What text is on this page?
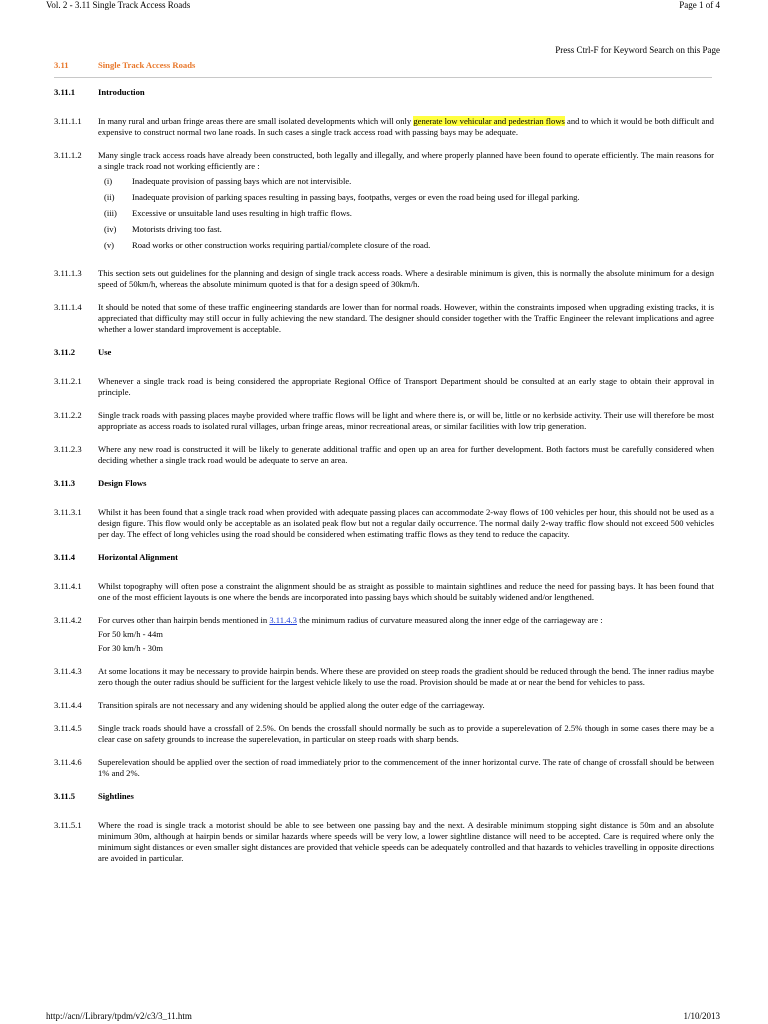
Vol. 2 - 3.11 Single Track Access Roads	Page 1 of 4
Press Ctrl-F for Keyword Search on this Page
3.11	Single Track Access Roads
3.11.1	Introduction
3.11.1.1	In many rural and urban fringe areas there are small isolated developments which will only generate low vehicular and pedestrian flows and to which it would be both difficult and expensive to construct normal two lane roads. In such cases a single track access road with passing bays may be adequate.
3.11.1.2	Many single track access roads have already been constructed, both legally and illegally, and where properly planned have been found to operate efficiently. The main reasons for a single track road not working efficiently are :
(i)	Inadequate provision of passing bays which are not intervisible.
(ii)	Inadequate provision of parking spaces resulting in passing bays, footpaths, verges or even the road being used for illegal parking.
(iii)	Excessive or unsuitable land uses resulting in high traffic flows.
(iv)	Motorists driving too fast.
(v)	Road works or other construction works requiring partial/complete closure of the road.
3.11.1.3	This section sets out guidelines for the planning and design of single track access roads. Where a desirable minimum is given, this is normally the absolute minimum for a design speed of 50km/h, whereas the absolute minimum quoted is that for a design speed of 30km/h.
3.11.1.4	It should be noted that some of these traffic engineering standards are lower than for normal roads. However, within the constraints imposed when upgrading existing tracks, it is appreciated that difficulty may still occur in fully achieving the new standard. The designer should consider together with the Traffic Engineer the relevant implications and agree whether a lower standard improvement is acceptable.
3.11.2	Use
3.11.2.1	Whenever a single track road is being considered the appropriate Regional Office of Transport Department should be consulted at an early stage to obtain their approval in principle.
3.11.2.2	Single track roads with passing places maybe provided where traffic flows will be light and where there is, or will be, little or no kerbside activity. Their use will therefore be most appropriate as access roads to isolated rural villages, urban fringe areas, minor recreational areas, or similar facilities with low trip generation.
3.11.2.3	Where any new road is constructed it will be likely to generate additional traffic and open up an area for further development. Both factors must be carefully considered when deciding whether a single track road would be adequate to serve an area.
3.11.3	Design Flows
3.11.3.1	Whilst it has been found that a single track road when provided with adequate passing places can accommodate 2-way flows of 100 vehicles per hour, this should not be used as a design figure. This flow would only be acceptable as an isolated peak flow but not a regular daily occurrence. The normal daily 2-way traffic flow should not exceed 500 vehicles per day. The effect of long vehicles using the road should be considered when estimating traffic flows as they tend to reduce the capacity.
3.11.4	Horizontal Alignment
3.11.4.1	Whilst topography will often pose a constraint the alignment should be as straight as possible to maintain sightlines and reduce the need for passing bays. It has been found that one of the most efficient layouts is one where the bends are incorporated into passing bays which should be suitably widened and/or lengthened.
3.11.4.2	For curves other than hairpin bends mentioned in 3.11.4.3 the minimum radius of curvature measured along the inner edge of the carriageway are :
For 50 km/h - 44m
For 30 km/h - 30m
3.11.4.3	At some locations it may be necessary to provide hairpin bends. Where these are provided on steep roads the gradient should be reduced through the bend. The inner radius maybe zero though the outer radius should be sufficient for the largest vehicle likely to use the road. Provision should be made at or near the bend for vehicles to pass.
3.11.4.4	Transition spirals are not necessary and any widening should be applied along the outer edge of the carriageway.
3.11.4.5	Single track roads should have a crossfall of 2.5%. On bends the crossfall should normally be such as to provide a superelevation of 2.5% though in some cases there may be a clear case on safety grounds to increase the superelevation, in particular on steep roads with sharp bends.
3.11.4.6	Superelevation should be applied over the section of road immediately prior to the commencement of the inner horizontal curve. The rate of change of crossfall should be between 1% and 2%.
3.11.5	Sightlines
3.11.5.1	Where the road is single track a motorist should be able to see between one passing bay and the next. A desirable minimum stopping sight distance is 50m and an absolute minimum 30m, although at hairpin bends or similar hazards where speeds will be very low, a lower sightline distance will need to be accepted. Care is required where only the minimum sight distances or even smaller sight distances are provided that vehicle speeds can be adequately controlled and that hazards to vehicles travelling in opposite directions are avoided in particular.
http://acn//Library/tpdm/v2/c3/3_11.htm	1/10/2013
